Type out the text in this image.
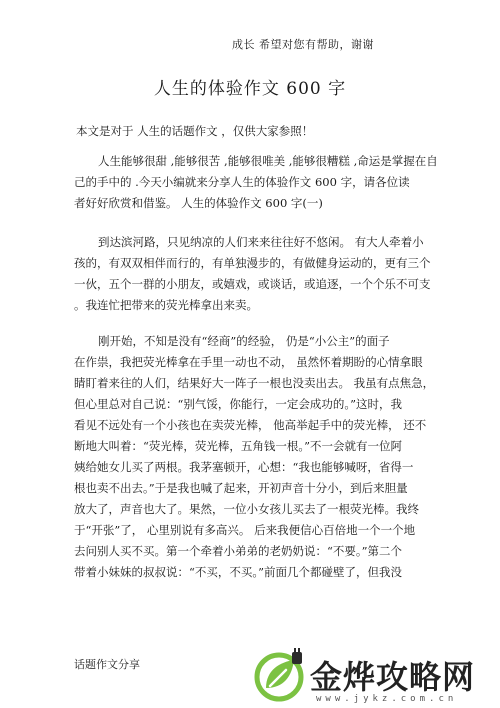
成长 希望对您有帮助，谢谢
人生的体验作文 600 字
本文是对于 人生的话题作文 ，仅供大家参照！
人生能够很甜 ,能够很苦 ,能够很唯美 ,能够很糟糕 ,命运是掌握在自
己的手中的 .今天小编就来分享人生的体验作文 600 字，请各位读
者好好欣赏和借鉴。 人生的体验作文 600 字(一)
到达滨河路，只见纳凉的人们来来往往好不悠闲。 有大人牵着小
孩的，有双双相伴而行的，有单独漫步的，有做健身运动的，更有三个
一伙，五个一群的小朋友，或嬉戏，或谈话，或追逐，一个个乐不可支
。我连忙把带来的荧光棒拿出来卖。
刚开始，不知是没有“经商”的经验， 仍是“小公主”的面子
在作祟，我把荧光棒拿在手里一动也不动， 虽然怀着期盼的心情拿眼
睛盯着来往的人们，结果好大一阵子一根也没卖出去。 我虽有点焦急，
但心里总对自己说：“别气馁，你能行，一定会成功的。”这时，我
看见不远处有一个小孩也在卖荧光棒， 他高举起手中的荧光棒， 还不
断地大叫着：“荧光棒，荧光棒，五角钱一根。”不一会就有一位阿
姨给她女儿买了两根。我茅塞顿开，心想：“我也能够喊呀，省得一
根也卖不出去。”于是我也喊了起来，开初声音十分小，到后来胆量
放大了，声音也大了。果然，一位小女孩儿买去了一根荧光棒。我终
于“开张”了， 心里别说有多高兴。 后来我便信心百倍地一个一个地
去问别人买不买。第一个牵着小弟弟的老奶奶说：“不要。”第二个
带着小妹妹的叔叔说：“不买，不买。”前面几个都碰壁了，但我没
话题作文分享	金烨攻略网
www.jykz.com.cn
